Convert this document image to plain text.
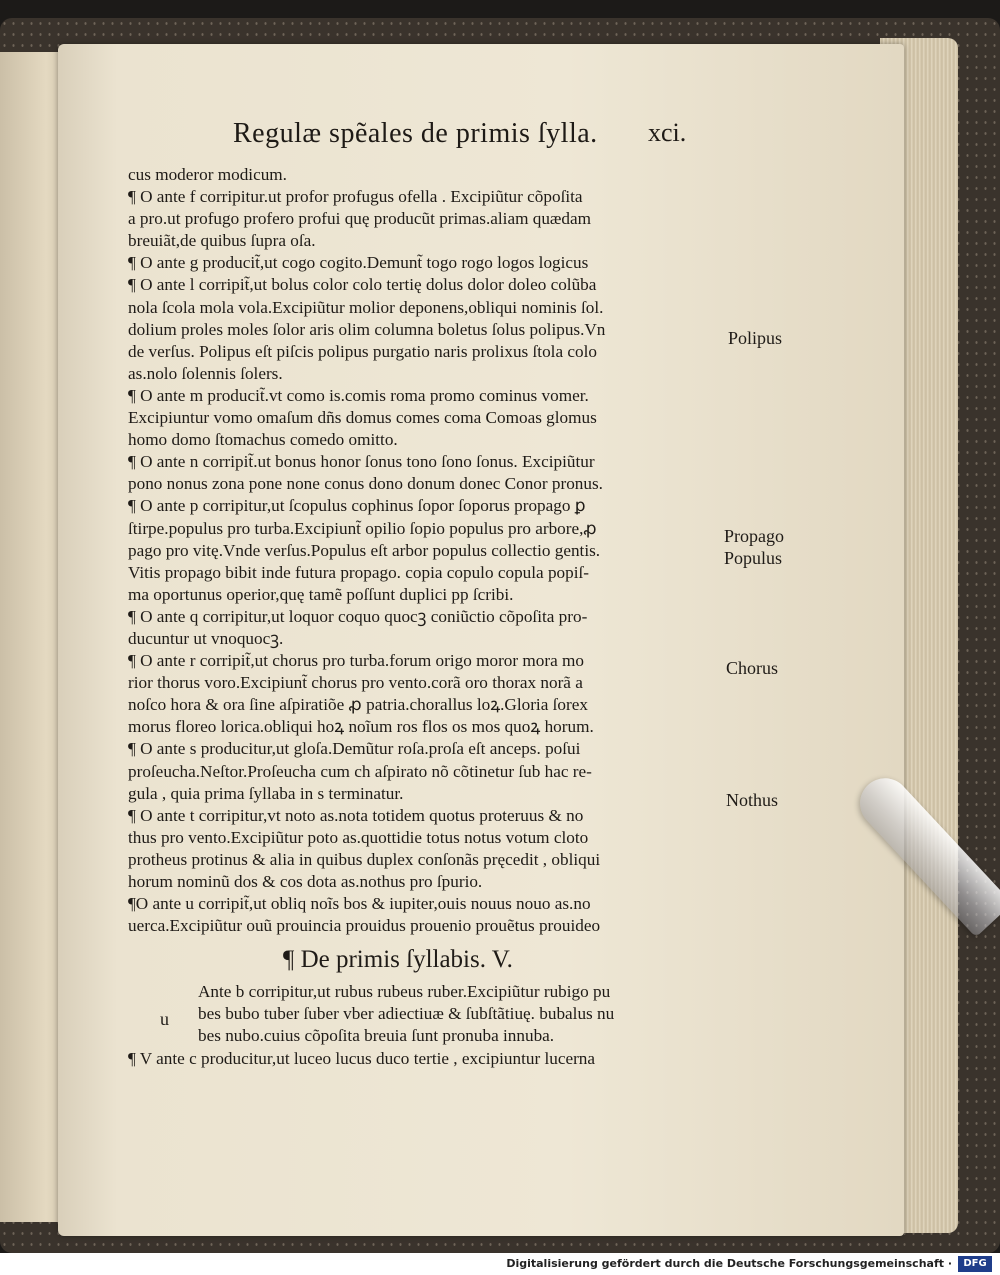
Regulæ spẽales de primis ſylla. xci.
cus moderor modicum.
¶ O ante f corripitur.ut profor profugus ofella . Excipiũtur cõpoſita
a pro.ut profugo profero profui quę producũt primas.aliam quædam
breuiãt,de quibus ſupra oſa.
¶ O ante g producit̃,ut cogo cogito.Demunt̃ togo rogo logos logicus
¶ O ante l corripit̃,ut bolus color colo tertię dolus dolor doleo colũba
nola ſcola mola vola.Excipiũtur molior deponens,obliqui nominis ſol.
dolium proles moles ſolor aris olim columna boletus ſolus polipus.Vn
de verſus. Polipus eſt piſcis polipus purgatio naris prolixus ſtola colo
as.nolo ſolennis ſolers.
¶ O ante m producit̃.vt como is.comis roma promo cominus vomer.
Excipiuntur vomo omaſum dñs domus comes coma Comoas glomus
homo domo ſtomachus comedo omitto.
¶ O ante n corripit̃.ut bonus honor ſonus tono ſono ſonus. Excipiũtur
pono nonus zona pone none conus dono donum donec Conor pronus.
¶ O ante p corripitur,ut ſcopulus cophinus ſopor ſoporus propago ꝑ
ſtirpe.populus pro turba.Excipiunt̃ opilio ſopio populus pro arbore,ꝓ
pago pro vitę.Vnde verſus.Populus eſt arbor populus collectio gentis.
Vitis propago bibit inde futura propago. copia copulo copula popiſ-
ma oportunus operior,quę tamẽ poſſunt duplici pp ſcribi.
¶ O ante q corripitur,ut loquor coquo quocꝫ coniũctio cõpoſita pro-
ducuntur ut vnoquocꝫ.
¶ O ante r corripit̃,ut chorus pro turba.forum origo moror mora mo
rior thorus voro.Excipiunt̃ chorus pro vento.corã oro thorax norã a
noſco hora & ora ſine aſpiratiõe ꝓ patria.chorallus loꝝ.Gloria ſorex
morus floreo lorica.obliqui hoꝝ noĩum ros flos os mos quoꝝ horum.
¶ O ante s producitur,ut gloſa.Demũtur roſa.proſa eſt anceps. poſui
proſeucha.Neſtor.Proſeucha cum ch aſpirato nõ cõtinetur ſub hac re-
gula , quia prima ſyllaba in s terminatur.
¶ O ante t corripitur,vt noto as.nota totidem quotus proteruus & no
thus pro vento.Excipiũtur poto as.quottidie totus notus votum cloto
protheus protinus & alia in quibus duplex conſonãs pręcedit , obliqui
horum nominũ dos & cos dota as.nothus pro ſpurio.
¶O ante u corripit̃,ut obliq noĩs bos & iupiter,ouis nouus nouo as.no
uerca.Excipiũtur ouũ prouincia prouidus prouenio prouẽtus prouideo
¶ De primis ſyllabis. V.
Ante b corripitur,ut rubus rubeus ruber.Excipiũtur rubigo pu
bes bubo tuber ſuber vber adiectiuæ & ſubſtãtiuę. bubalus nu
bes nubo.cuius cõpoſita breuia ſunt pronuba innuba.
¶ V ante c producitur,ut luceo lucus duco tertie , excipiuntur lucerna
u
Polipus
Propago
Populus
Chorus
Nothus
Digitalisierung gefördert durch die Deutsche Forschungsgemeinschaft ·	DFG
